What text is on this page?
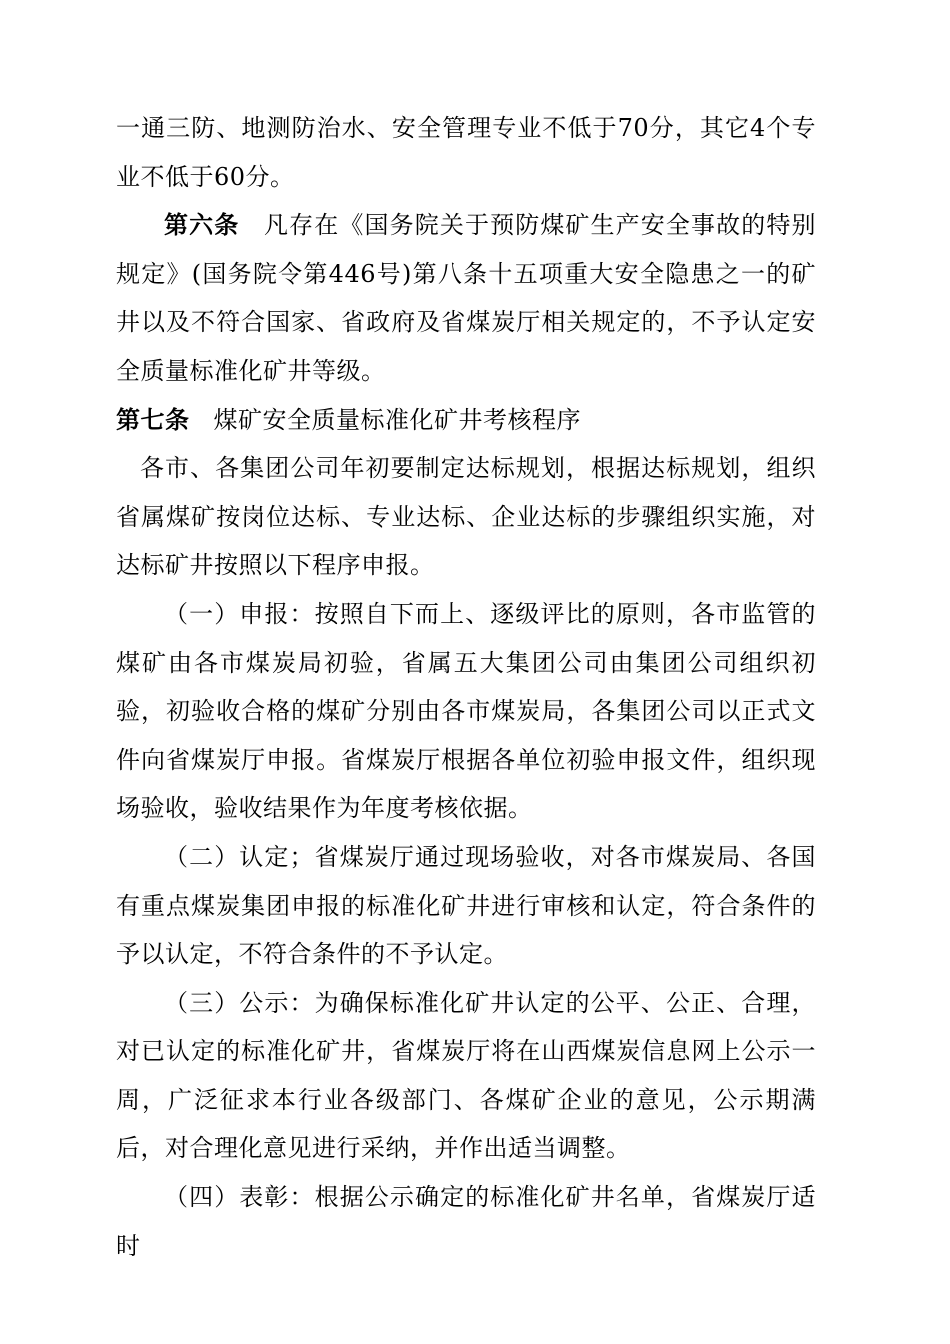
一通三防、地测防治水、安全管理专业不低于70分，其它4个专业不低于60分。

第六条 凡存在《国务院关于预防煤矿生产安全事故的特别规定》(国务院令第446号)第八条十五项重大安全隐患之一的矿井以及不符合国家、省政府及省煤炭厅相关规定的，不予认定安全质量标准化矿井等级。

第七条 煤矿安全质量标准化矿井考核程序

各市、各集团公司年初要制定达标规划，根据达标规划，组织省属煤矿按岗位达标、专业达标、企业达标的步骤组织实施，对达标矿井按照以下程序申报。

（一）申报：按照自下而上、逐级评比的原则，各市监管的煤矿由各市煤炭局初验，省属五大集团公司由集团公司组织初验，初验收合格的煤矿分别由各市煤炭局，各集团公司以正式文件向省煤炭厅申报。省煤炭厅根据各单位初验申报文件，组织现场验收，验收结果作为年度考核依据。

（二）认定；省煤炭厅通过现场验收，对各市煤炭局、各国有重点煤炭集团申报的标准化矿井进行审核和认定，符合条件的予以认定，不符合条件的不予认定。

（三）公示：为确保标准化矿井认定的公平、公正、合理，对已认定的标准化矿井，省煤炭厅将在山西煤炭信息网上公示一周，广泛征求本行业各级部门、各煤矿企业的意见，公示期满后，对合理化意见进行采纳，并作出适当调整。

（四）表彰：根据公示确定的标准化矿井名单，省煤炭厅适时
